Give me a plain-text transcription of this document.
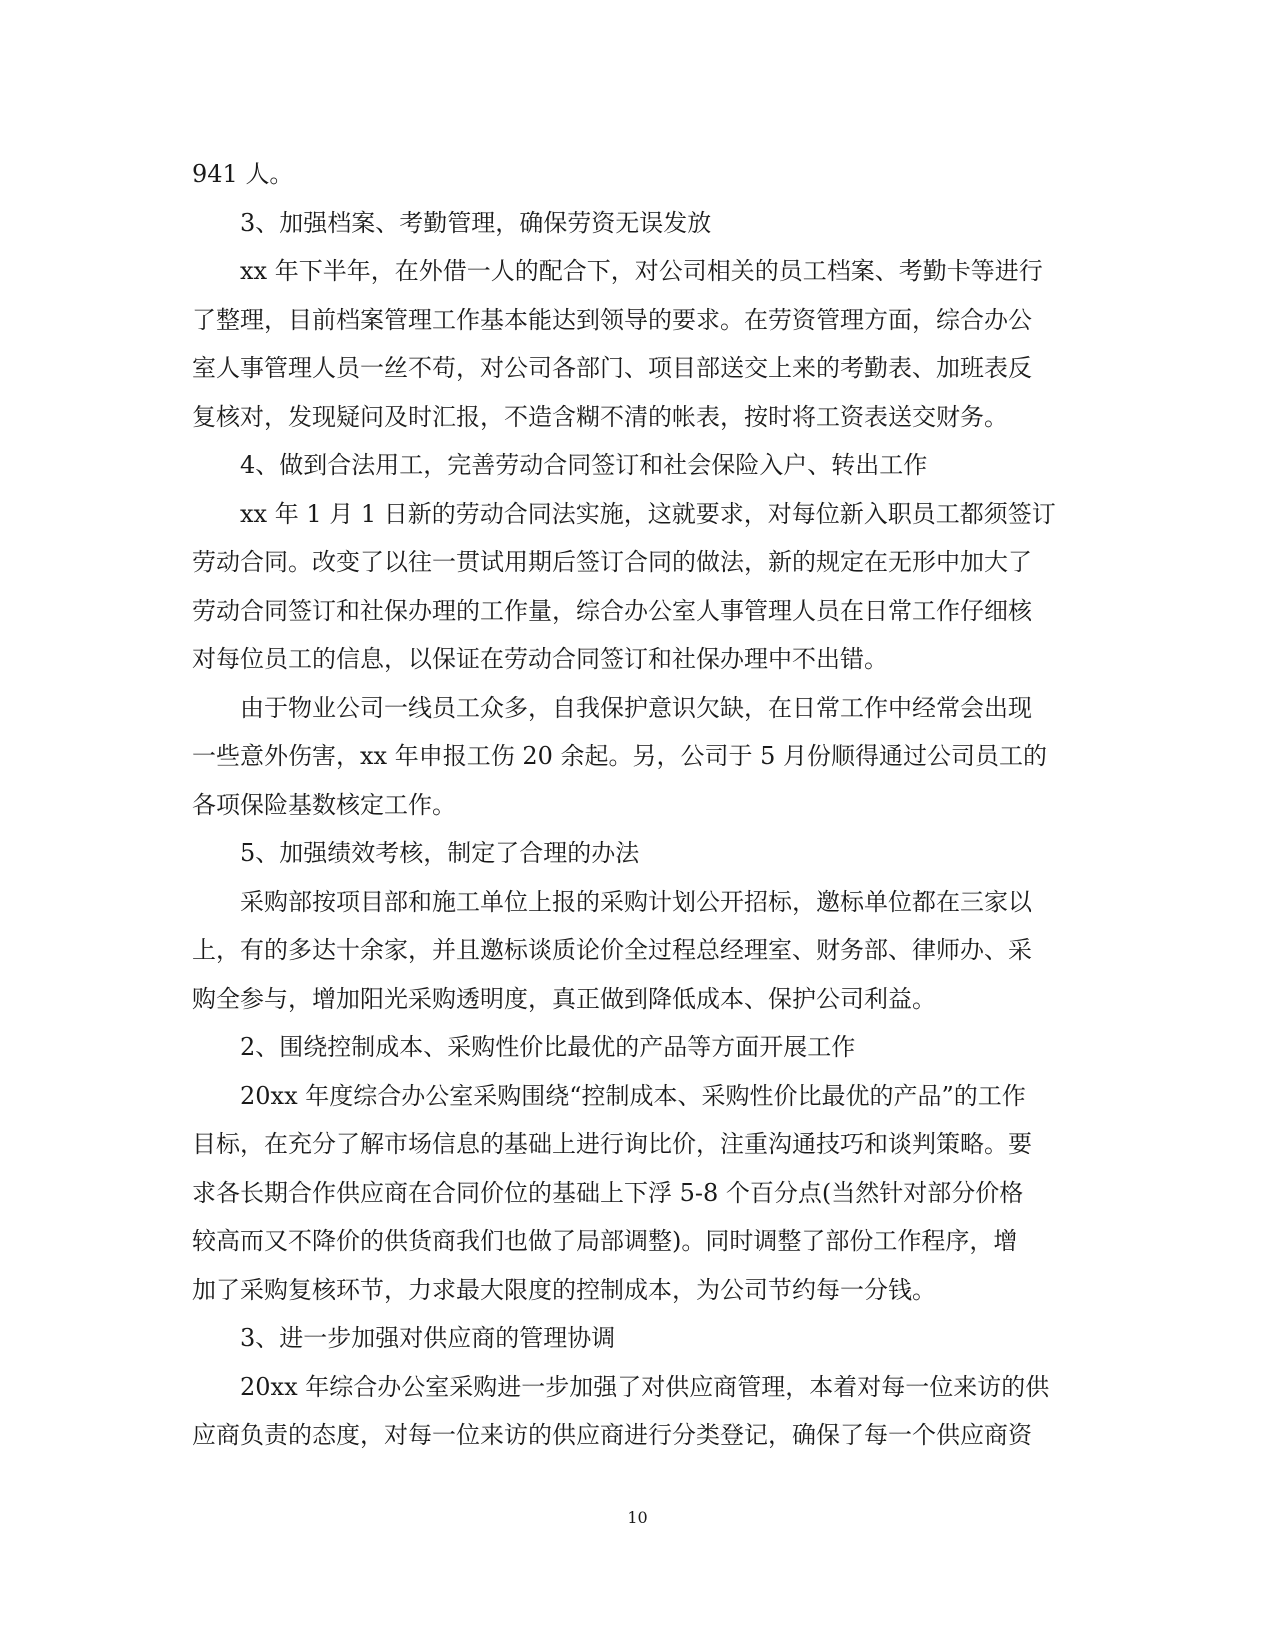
941 人。
3、加强档案、考勤管理，确保劳资无误发放
xx 年下半年，在外借一人的配合下，对公司相关的员工档案、考勤卡等进行
了整理，目前档案管理工作基本能达到领导的要求。在劳资管理方面，综合办公
室人事管理人员一丝不苟，对公司各部门、项目部送交上来的考勤表、加班表反
复核对，发现疑问及时汇报，不造含糊不清的帐表，按时将工资表送交财务。
4、做到合法用工，完善劳动合同签订和社会保险入户、转出工作
xx 年 1 月 1 日新的劳动合同法实施，这就要求，对每位新入职员工都须签订
劳动合同。改变了以往一贯试用期后签订合同的做法，新的规定在无形中加大了
劳动合同签订和社保办理的工作量，综合办公室人事管理人员在日常工作仔细核
对每位员工的信息，以保证在劳动合同签订和社保办理中不出错。
由于物业公司一线员工众多，自我保护意识欠缺，在日常工作中经常会出现
一些意外伤害，xx 年申报工伤 20 余起。另，公司于 5 月份顺得通过公司员工的
各项保险基数核定工作。
5、加强绩效考核，制定了合理的办法
采购部按项目部和施工单位上报的采购计划公开招标，邀标单位都在三家以
上，有的多达十余家，并且邀标谈质论价全过程总经理室、财务部、律师办、采
购全参与，增加阳光采购透明度，真正做到降低成本、保护公司利益。
2、围绕控制成本、采购性价比最优的产品等方面开展工作
20xx 年度综合办公室采购围绕“控制成本、采购性价比最优的产品”的工作
目标，在充分了解市场信息的基础上进行询比价，注重沟通技巧和谈判策略。要
求各长期合作供应商在合同价位的基础上下浮 5-8 个百分点(当然针对部分价格
较高而又不降价的供货商我们也做了局部调整)。同时调整了部份工作程序，增
加了采购复核环节，力求最大限度的控制成本，为公司节约每一分钱。
3、进一步加强对供应商的管理协调
20xx 年综合办公室采购进一步加强了对供应商管理，本着对每一位来访的供
应商负责的态度，对每一位来访的供应商进行分类登记，确保了每一个供应商资
10
